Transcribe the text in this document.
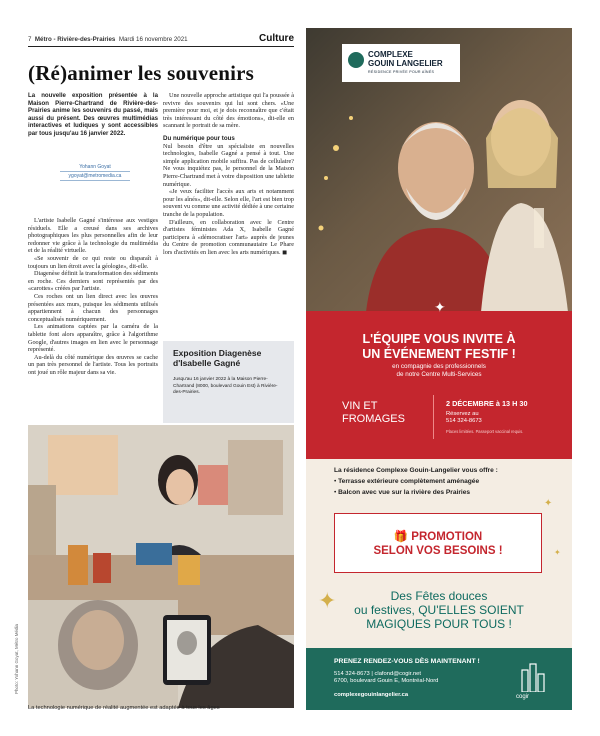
7 Métro - Rivière-des-Prairies Mardi 16 novembre 2021	Culture
(Ré)animer les souvenirs
La nouvelle exposition présentée à la Maison Pierre-Chartrand de Rivière-des-Prairies anime les souvenirs du passé, mais aussi du présent. Des œuvres multimédias interactives et ludiques y sont accessibles par tous jusqu'au 16 janvier 2022.
Yohann Goyat
ygoyat@metromedia.ca

L'artiste Isabelle Gagné s'intéresse aux vestiges résiduels. Elle a creusé dans ses archives photographiques les plus personnelles afin de leur redonner vie grâce à la technologie du multimédia et de la réalité virtuelle.

«Se souvenir de ce qui reste ou disparaît à toujours un lien étroit avec la géologie», dit-elle.

Diagenèse définit la transformation des sédiments en roche. Ces derniers sont représentés par des «carottes» créées par l'artiste.

Ces roches ont un lien direct avec les œuvres présentées aux murs, puisque les sédiments utilisés appartiennent à chacun des personnages conceptualisés numériquement.

Les animations captées par la caméra de la tablette font alors apparaître, grâce à l'algorithme Google, d'autres images en lien avec le personnage représenté.

Au-delà du côté numérique des œuvres se cache un pan très personnel de l'artiste. Tous les portraits ont joué un rôle majeur dans sa vie.

Une nouvelle approche artistique qui l'a poussée à revivre des souvenirs qui lui sont chers. «Une première pour moi, et je dois reconnaître que c'était très intéressant du côté des émotions», dit-elle en scannant le portrait de sa mère.

Du numérique pour tous

Nul besoin d'être un spécialiste en nouvelles technologies, Isabelle Gagné a pensé à tout. Une simple application mobile suffira. Pas de cellulaire? Ne vous inquiétez pas, le personnel de la Maison Pierre-Chartrand met à votre disposition une tablette numérique.

«Je veux faciliter l'accès aux arts et notamment pour les aînés», dit-elle. Selon elle, l'art est bien trop souvent vu comme une activité dédiée à une certaine tranche de la population.

D'ailleurs, en collaboration avec le Centre d'artistes féministes Ada X, Isabelle Gagné participera à «démocratiser l'art» auprès de jeunes du Centre de promotion communautaire Le Phare lors d'activités en lien avec les arts numériques. ◼

Exposition Diagenèse
d'Isabelle Gagné
Jusqu'au 16 janvier 2022 à la Maison Pierre-Chartrand (8000, boulevard Gouin Est) à Rivière-des-Prairies.
Photo: Yohann Goyat, Métro Média
La technologie numérique de réalité augmentée est adaptée à tous les âges
COMPLEXE
GOUIN LANGELIER
RÉSIDENCE PRIVÉE POUR AÎNÉS
L'ÉQUIPE VOUS INVITE À
UN ÉVÉNEMENT FESTIF !
en compagnie des professionnels
de notre Centre Multi-Services
VIN ET
FROMAGES
2 DÉCEMBRE à 13 H 30
Réservez au
514 324-8673
Places limitées. Passeport vaccinal requis.
La résidence Complexe Gouin-Langelier vous offre :
• Terrasse extérieure complètement aménagée
• Balcon avec vue sur la rivière des Prairies
🎁 PROMOTION
SELON VOS BESOINS !
✦
✦
✦
✦
Des Fêtes douces
ou festives, QU'ELLES SOIENT
MAGIQUES POUR TOUS !
PRENEZ RENDEZ-VOUS DÈS MAINTENANT !
514 324-8673 | clafond@cogir.net
6700, boulevard Gouin E, Montréal-Nord
complexegouinlangelier.ca	cogir
